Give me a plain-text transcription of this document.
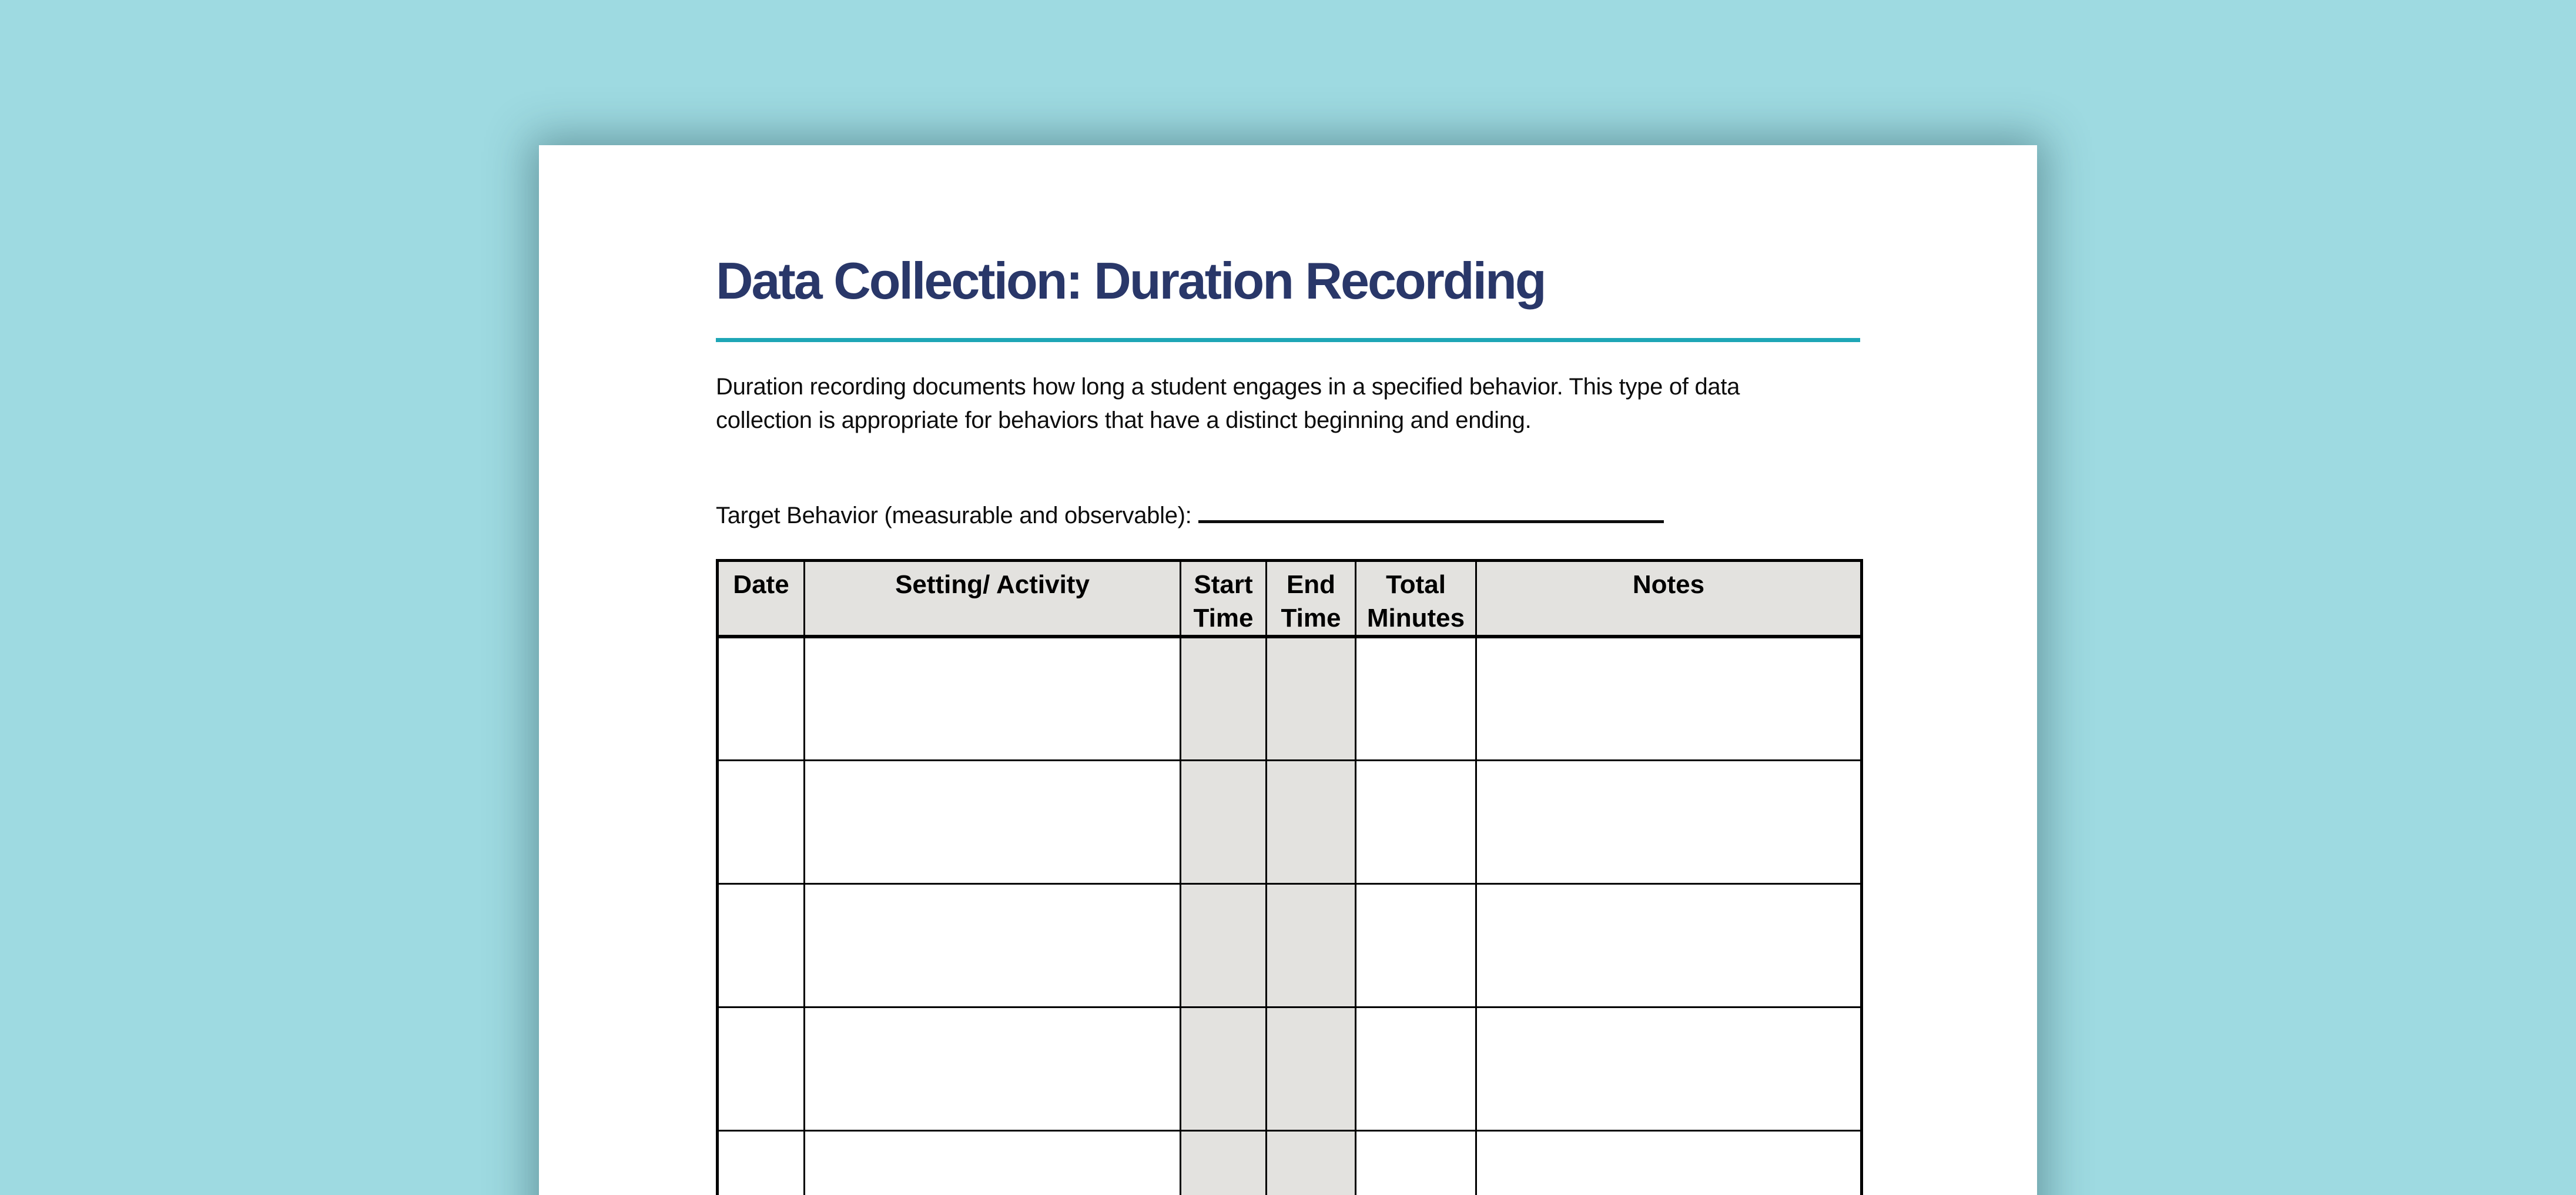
Data Collection: Duration Recording

Duration recording documents how long a student engages in a specified behavior. This type of data
collection is appropriate for behaviors that have a distinct beginning and ending.

Target Behavior (measurable and observable):
Date	Setting/ Activity	Start Time	End Time	Total Minutes	Notes
